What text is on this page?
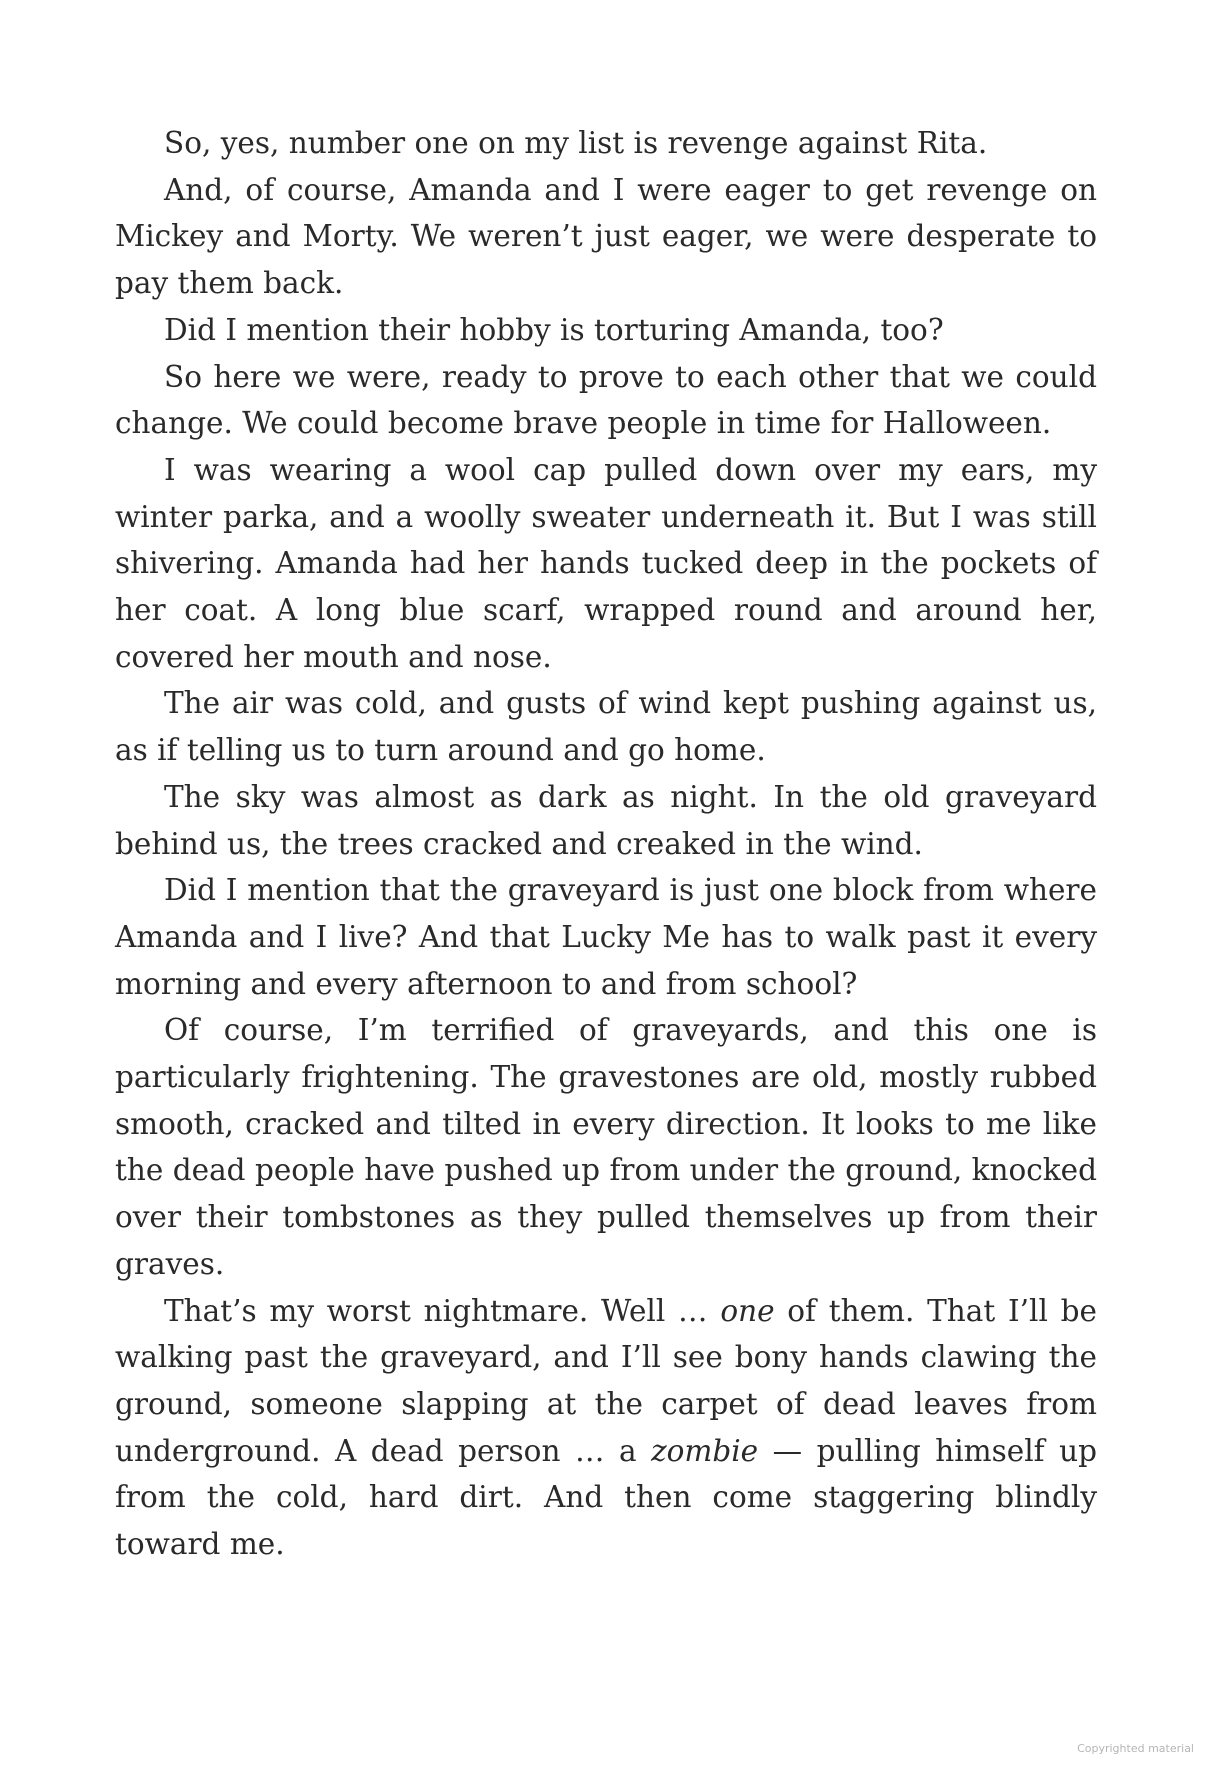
So, yes, number one on my list is revenge against Rita.

And, of course, Amanda and I were eager to get revenge on Mickey and Morty. We weren’t just eager, we were desperate to pay them back.

Did I mention their hobby is torturing Amanda, too?

So here we were, ready to prove to each other that we could change. We could become brave people in time for Halloween.

I was wearing a wool cap pulled down over my ears, my winter parka, and a woolly sweater underneath it. But I was still shivering. Amanda had her hands tucked deep in the pockets of her coat. A long blue scarf, wrapped round and around her, covered her mouth and nose.

The air was cold, and gusts of wind kept pushing against us, as if telling us to turn around and go home.

The sky was almost as dark as night. In the old graveyard behind us, the trees cracked and creaked in the wind.

Did I mention that the graveyard is just one block from where Amanda and I live? And that Lucky Me has to walk past it every morning and every afternoon to and from school?

Of course, I’m terrified of graveyards, and this one is particularly frightening. The gravestones are old, mostly rubbed smooth, cracked and tilted in every direction. It looks to me like the dead people have pushed up from under the ground, knocked over their tombstones as they pulled themselves up from their graves.

That’s my worst nightmare. Well … one of them. That I’ll be walking past the graveyard, and I’ll see bony hands clawing the ground, someone slapping at the carpet of dead leaves from underground. A dead person … a zombie — pulling himself up from the cold, hard dirt. And then come staggering blindly toward me.

Copyrighted material
